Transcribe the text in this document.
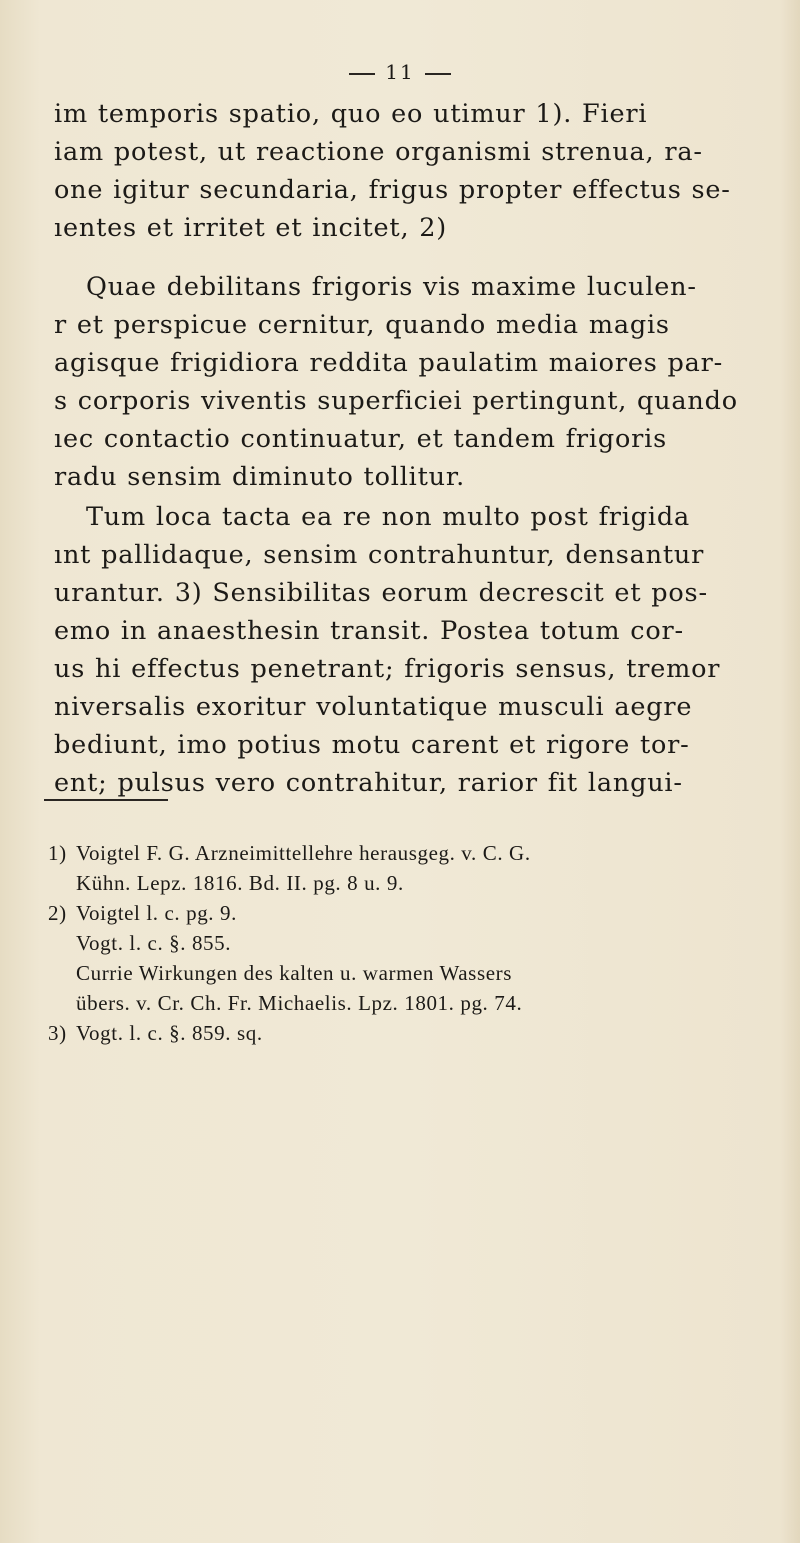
11
im temporis spatio, quo eo utimur 1). Fieri
iam potest, ut reactione organismi strenua, ra-
one igitur secundaria, frigus propter effectus se-
ıentes et irritet et incitet, 2)
Quae debilitans frigoris vis maxime luculen-
r et perspicue cernitur, quando media magis
agisque frigidiora reddita paulatim maiores par-
s corporis viventis superficiei pertingunt, quando
ıec contactio continuatur, et tandem frigoris
radu sensim diminuto tollitur.
Tum loca tacta ea re non multo post frigida
ınt pallidaque, sensim contrahuntur, densantur
urantur. 3) Sensibilitas eorum decrescit et pos-
emo in anaesthesin transit. Postea totum cor-
us hi effectus penetrant; frigoris sensus, tremor
niversalis exoritur voluntatique musculi aegre
bediunt, imo potius motu carent et rigore tor-
ent; pulsus vero contrahitur, rarior fit langui-
1) Voigtel F. G. Arzneimittellehre herausgeg. v. C. G.
Kühn. Lepz. 1816. Bd. II. pg. 8 u. 9.
2) Voigtel l. c. pg. 9.
Vogt. l. c. §. 855.
Currie Wirkungen des kalten u. warmen Wassers
übers. v. Cr. Ch. Fr. Michaelis. Lpz. 1801. pg. 74.
3) Vogt. l. c. §. 859. sq.
